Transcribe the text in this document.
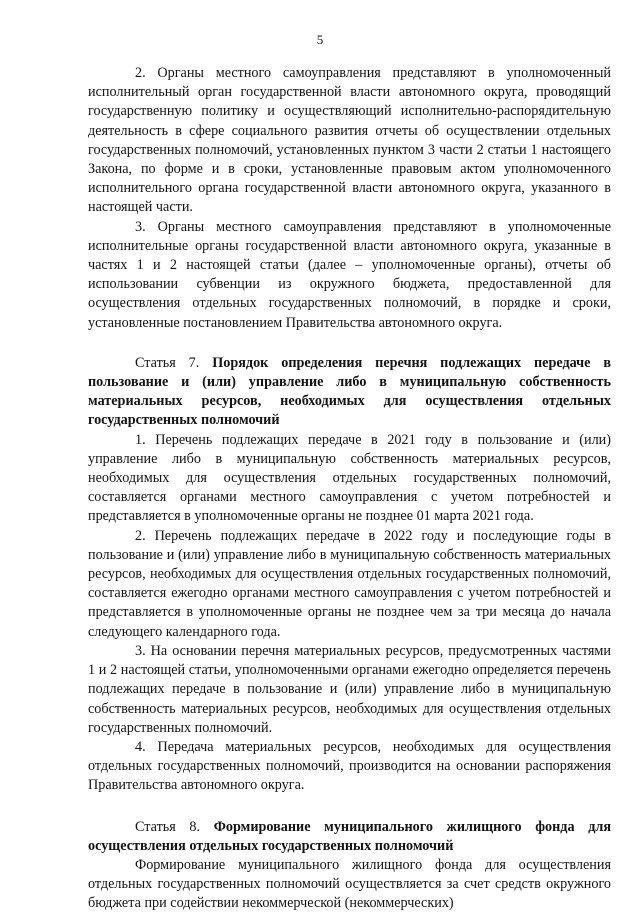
5

2. Органы местного самоуправления представляют в уполномоченный исполнительный орган государственной власти автономного округа, проводящий государственную политику и осуществляющий исполнительно-распорядительную деятельность в сфере социального развития отчеты об осуществлении отдельных государственных полномочий, установленных пунктом 3 части 2 статьи 1 настоящего Закона, по форме и в сроки, установленные правовым актом уполномоченного исполнительного органа государственной власти автономного округа, указанного в настоящей части.

3. Органы местного самоуправления представляют в уполномоченные исполнительные органы государственной власти автономного округа, указанные в частях 1 и 2 настоящей статьи (далее – уполномоченные органы), отчеты об использовании субвенции из окружного бюджета, предоставленной для осуществления отдельных государственных полномочий, в порядке и сроки, установленные постановлением Правительства автономного округа.

Статья 7. Порядок определения перечня подлежащих передаче в пользование и (или) управление либо в муниципальную собственность материальных ресурсов, необходимых для осуществления отдельных государственных полномочий

1. Перечень подлежащих передаче в 2021 году в пользование и (или) управление либо в муниципальную собственность материальных ресурсов, необходимых для осуществления отдельных государственных полномочий, составляется органами местного самоуправления с учетом потребностей и представляется в уполномоченные органы не позднее 01 марта 2021 года.

2. Перечень подлежащих передаче в 2022 году и последующие годы в пользование и (или) управление либо в муниципальную собственность материальных ресурсов, необходимых для осуществления отдельных государственных полномочий, составляется ежегодно органами местного самоуправления с учетом потребностей и представляется в уполномоченные органы не позднее чем за три месяца до начала следующего календарного года.

3. На основании перечня материальных ресурсов, предусмотренных частями 1 и 2 настоящей статьи, уполномоченными органами ежегодно определяется перечень подлежащих передаче в пользование и (или) управление либо в муниципальную собственность материальных ресурсов, необходимых для осуществления отдельных государственных полномочий.

4. Передача материальных ресурсов, необходимых для осуществления отдельных государственных полномочий, производится на основании распоряжения Правительства автономного округа.

Статья 8. Формирование муниципального жилищного фонда для осуществления отдельных государственных полномочий

Формирование муниципального жилищного фонда для осуществления отдельных государственных полномочий осуществляется за счет средств окружного бюджета при содействии некоммерческой (некоммерческих)
